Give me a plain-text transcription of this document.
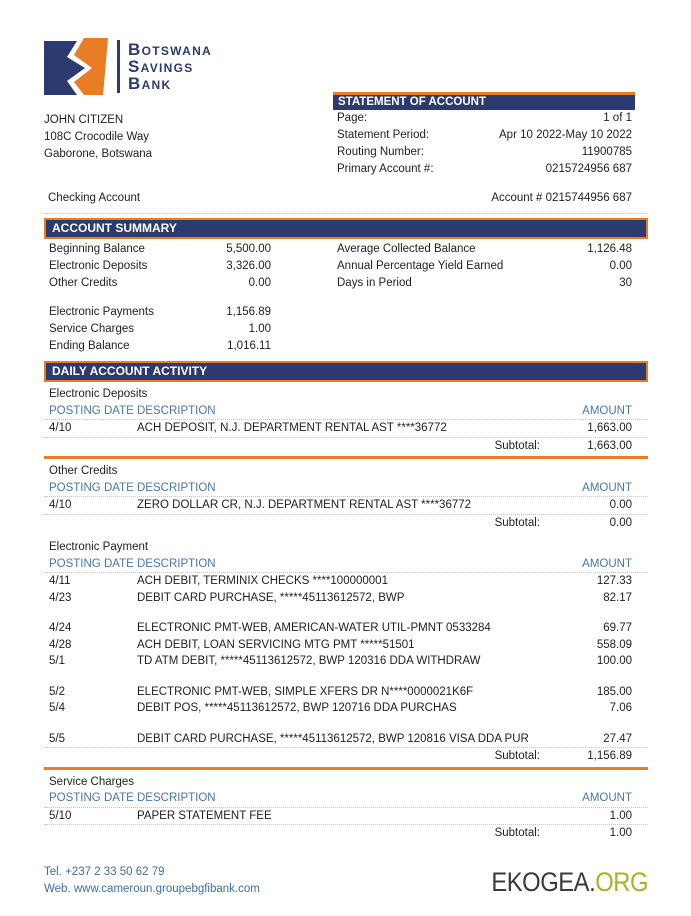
Botswana
Savings
Bank
JOHN CITIZEN
108C Crocodile Way
Gaborone, Botswana
STATEMENT OF ACCOUNT
Page:	1 of 1
Statement Period:	Apr 10 2022-May 10 2022
Routing Number:	11900785
Primary Account #:	0215724956 687
Checking Account	Account # 0215744956 687
ACCOUNT SUMMARY
Beginning Balance	5,500.00
Electronic Deposits	3,326.00
Other Credits	0.00
Electronic Payments	1,156.89
Service Charges	1.00
Ending Balance	1,016.11
Average Collected Balance	1,126.48
Annual Percentage Yield Earned	0.00
Days in Period	30
DAILY ACCOUNT ACTIVITY
Electronic Deposits
POSTING DATE DESCRIPTION	AMOUNT
4/10	ACH DEPOSIT, N.J. DEPARTMENT RENTAL AST ****36772	1,663.00
Subtotal:	1,663.00
Other Credits
POSTING DATE DESCRIPTION	AMOUNT
4/10	ZERO DOLLAR CR, N.J. DEPARTMENT RENTAL AST ****36772	0.00
Subtotal:	0.00
Electronic Payment
POSTING DATE DESCRIPTION	AMOUNT
4/11	ACH DEBIT, TERMINIX CHECKS ****100000001	127.33
4/23	DEBIT CARD PURCHASE, *****45113612572, BWP	82.17
4/24	ELECTRONIC PMT-WEB, AMERICAN-WATER UTIL-PMNT 0533284	69.77
4/28	ACH DEBIT, LOAN SERVICING MTG PMT *****51501	558.09
5/1	TD ATM DEBIT, *****45113612572, BWP 120316 DDA WITHDRAW	100.00
5/2	ELECTRONIC PMT-WEB, SIMPLE XFERS DR N****0000021K6F	185.00
5/4	DEBIT POS, *****45113612572, BWP 120716 DDA PURCHAS	7.06
5/5	DEBIT CARD PURCHASE, *****45113612572, BWP 120816 VISA DDA PUR	27.47
Subtotal:	1,156.89
Service Charges
POSTING DATE DESCRIPTION	AMOUNT
5/10	PAPER STATEMENT FEE	1.00
Subtotal:	1.00
Tel. +237 2 33 50 62 79
Web. www.cameroun.groupebgfibank.com	EKOGEA.ORG
